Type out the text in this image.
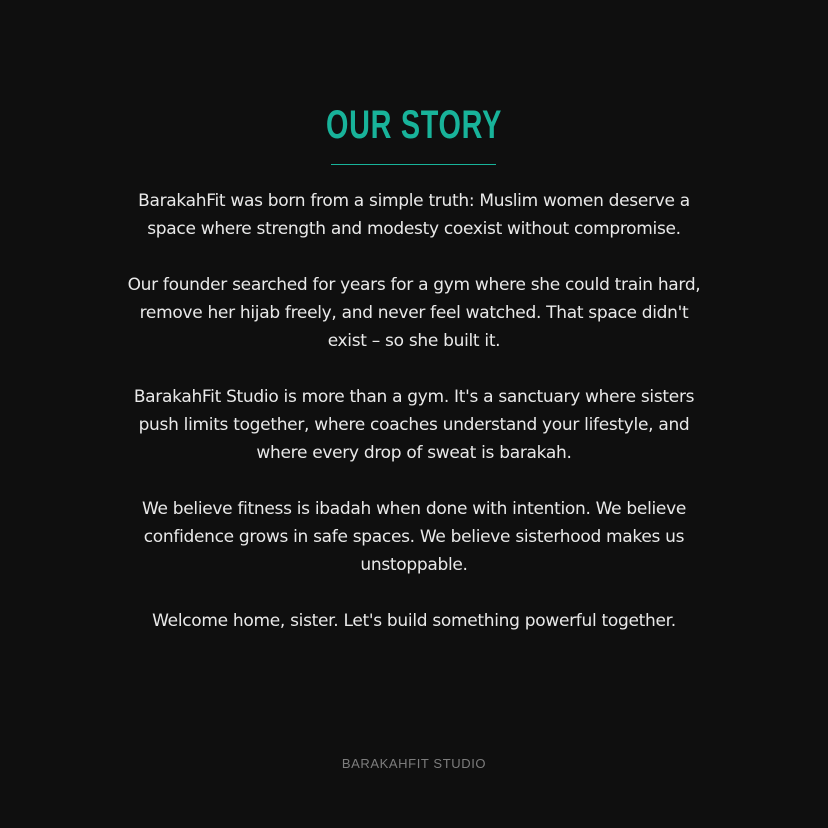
OUR STORY

BarakahFit was born from a simple truth: Muslim women deserve a space where strength and modesty coexist without compromise.

Our founder searched for years for a gym where she could train hard, remove her hijab freely, and never feel watched. That space didn't exist – so she built it.

BarakahFit Studio is more than a gym. It's a sanctuary where sisters push limits together, where coaches understand your lifestyle, and where every drop of sweat is barakah.

We believe fitness is ibadah when done with intention. We believe confidence grows in safe spaces. We believe sisterhood makes us unstoppable.

Welcome home, sister. Let's build something powerful together.

BARAKAHFIT STUDIO
